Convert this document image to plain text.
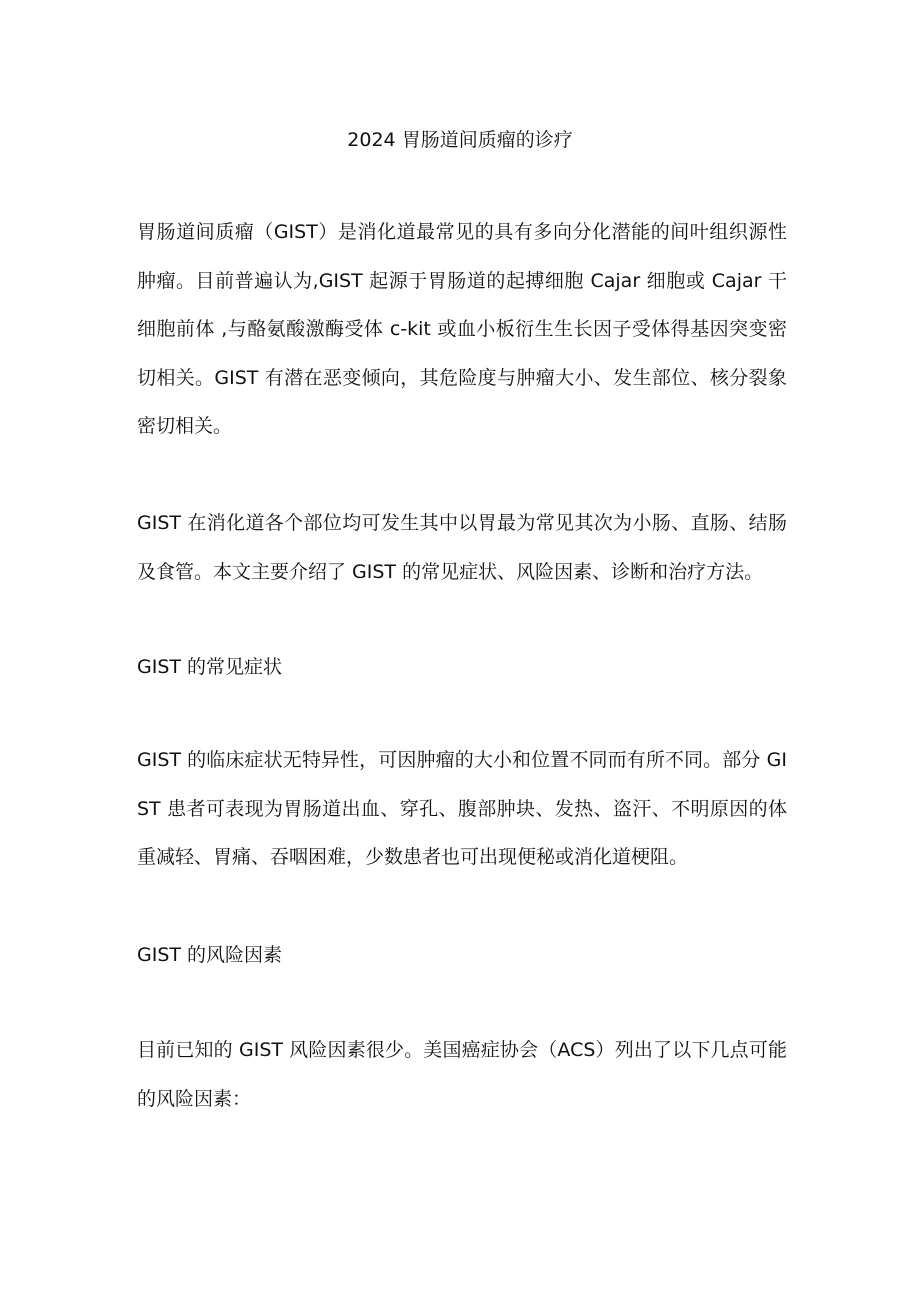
2024 胃肠道间质瘤的诊疗

胃肠道间质瘤（GIST）是消化道最常见的具有多向分化潜能的间叶组织源性肿瘤。目前普遍认为,GIST 起源于胃肠道的起搏细胞 Cajar 细胞或 Cajar 干细胞前体 ,与酪氨酸激酶受体 c-kit 或血小板衍生生长因子受体得基因突变密切相关。GIST 有潜在恶变倾向，其危险度与肿瘤大小、发生部位、核分裂象密切相关。

GIST 在消化道各个部位均可发生其中以胃最为常见其次为小肠、直肠、结肠及食管。本文主要介绍了 GIST 的常见症状、风险因素、诊断和治疗方法。

GIST 的常见症状

GIST 的临床症状无特异性，可因肿瘤的大小和位置不同而有所不同。部分 GIST 患者可表现为胃肠道出血、穿孔、腹部肿块、发热、盗汗、不明原因的体重减轻、胃痛、吞咽困难，少数患者也可出现便秘或消化道梗阻。

GIST 的风险因素

目前已知的 GIST 风险因素很少。美国癌症协会（ACS）列出了以下几点可能的风险因素：
